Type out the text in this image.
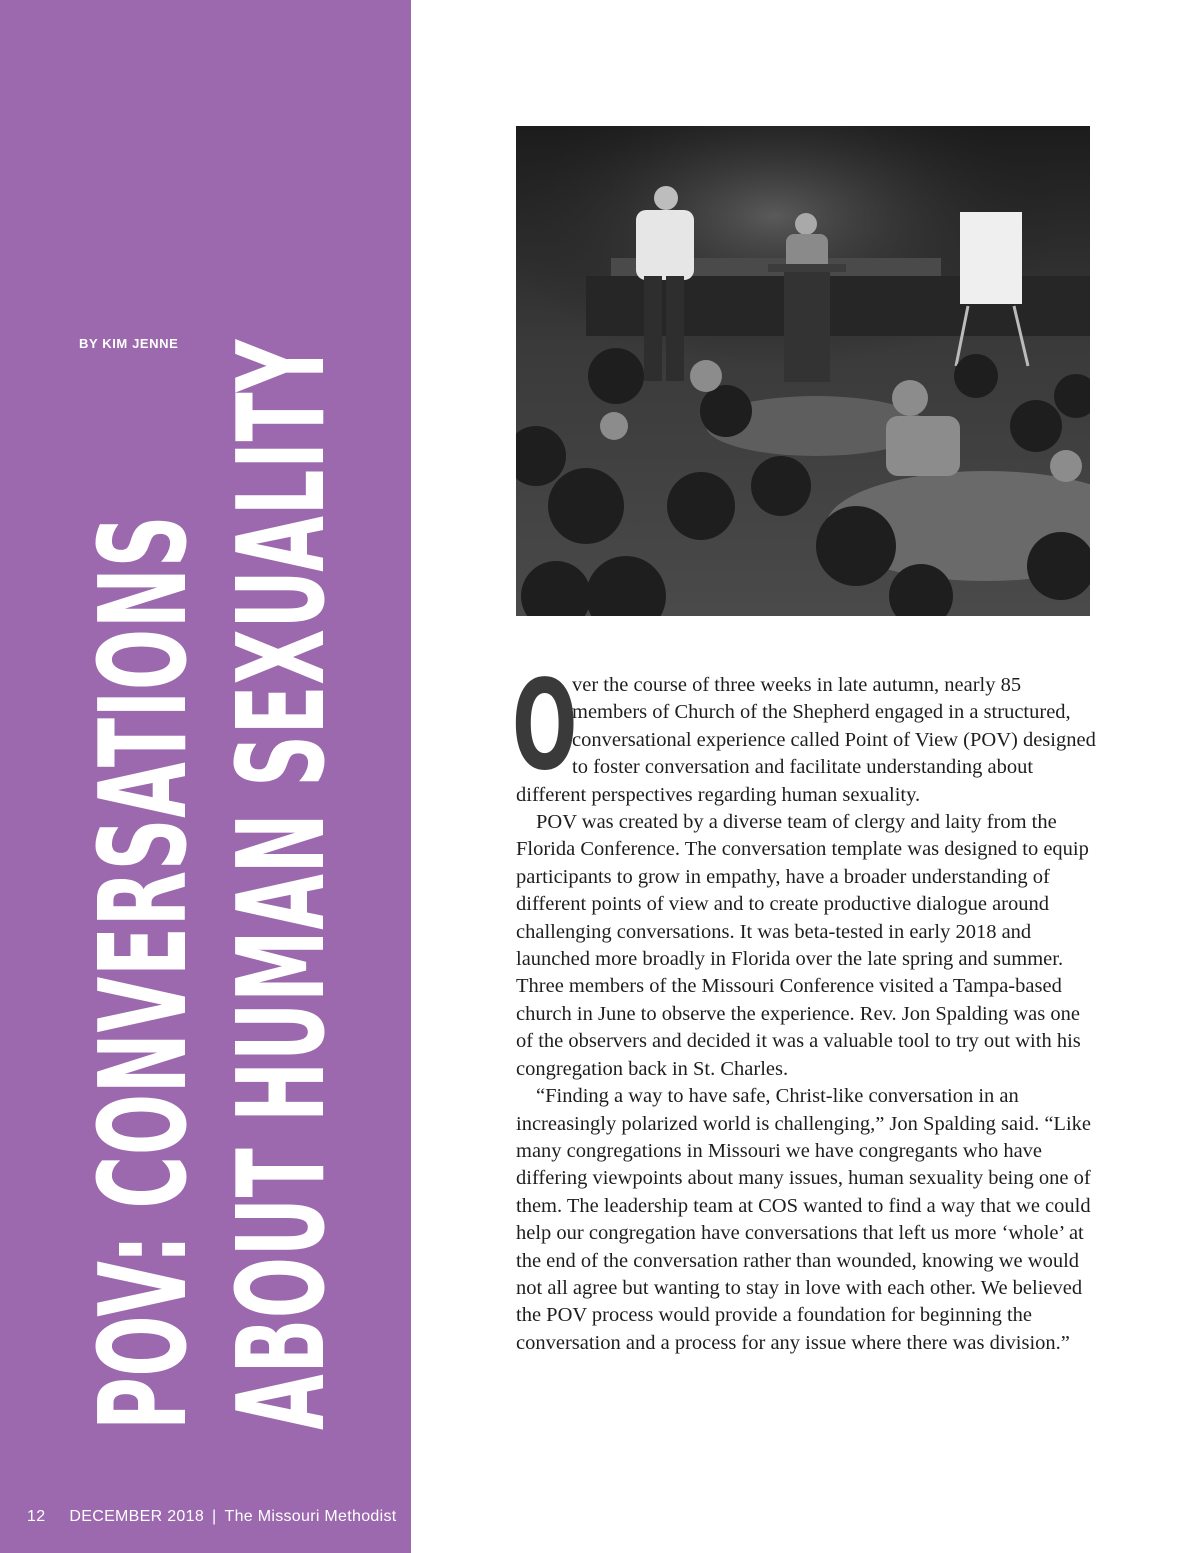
BY KIM JENNE
POV: CONVERSATIONS ABOUT HUMAN SEXUALITY
12 DECEMBER 2018 | The Missouri Methodist

O
ver the course of three weeks in late autumn, nearly 85 members of Church of the Shepherd engaged in a structured, conversational experience called Point of View (POV) designed to foster conversation and facilitate understanding about different perspectives regarding human sexuality.

POV was created by a diverse team of clergy and laity from the Florida Conference. The conversation template was designed to equip participants to grow in empathy, have a broader understanding of different points of view and to create productive dialogue around challenging conversations. It was beta-tested in early 2018 and launched more broadly in Florida over the late spring and summer. Three members of the Missouri Conference visited a Tampa-based church in June to observe the experience. Rev. Jon Spalding was one of the observers and decided it was a valuable tool to try out with his congregation back in St. Charles.

“Finding a way to have safe, Christ-like conversation in an increasingly polarized world is challenging,” Jon Spalding said. “Like many congregations in Missouri we have congregants who have differing viewpoints about many issues, human sexuality being one of them. The leadership team at COS wanted to find a way that we could help our congregation have conversations that left us more ‘whole’ at the end of the conversation rather than wounded, knowing we would not all agree but wanting to stay in love with each other. We believed the POV process would provide a foundation for beginning the conversation and a process for any issue where there was division.”
